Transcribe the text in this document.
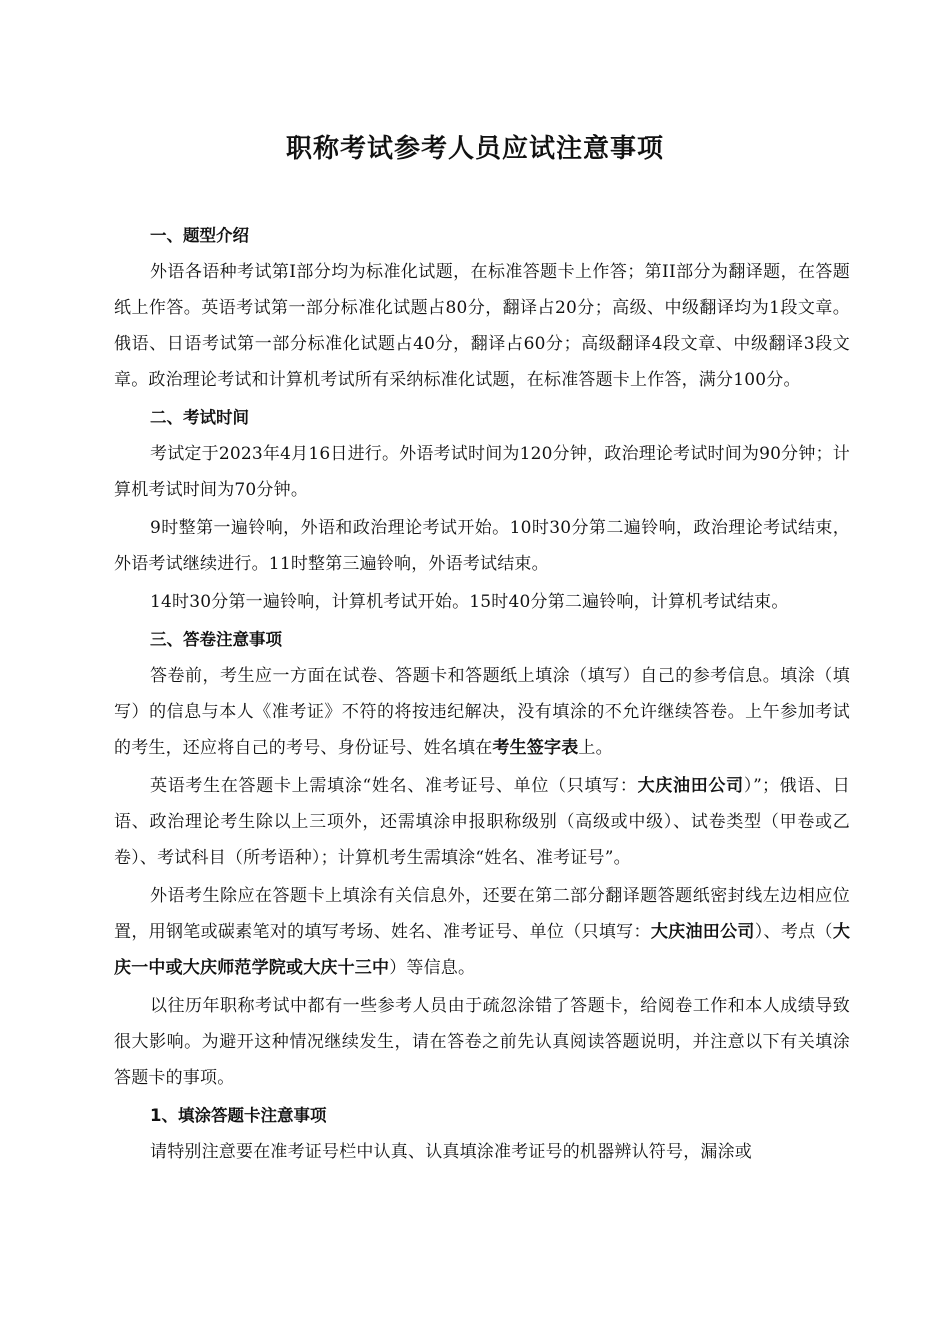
职称考试参考人员应试注意事项

一、题型介绍

外语各语种考试第I部分均为标准化试题，在标准答题卡上作答；第II部分为翻译题，在答题纸上作答。英语考试第一部分标准化试题占80分，翻译占20分；高级、中级翻译均为1段文章。俄语、日语考试第一部分标准化试题占40分，翻译占60分；高级翻译4段文章、中级翻译3段文章。政治理论考试和计算机考试所有采纳标准化试题，在标准答题卡上作答，满分100分。

二、考试时间

考试定于2023年4月16日进行。外语考试时间为120分钟，政治理论考试时间为90分钟；计算机考试时间为70分钟。

9时整第一遍铃响，外语和政治理论考试开始。10时30分第二遍铃响，政治理论考试结束，外语考试继续进行。11时整第三遍铃响，外语考试结束。

14时30分第一遍铃响，计算机考试开始。15时40分第二遍铃响，计算机考试结束。

三、答卷注意事项

答卷前，考生应一方面在试卷、答题卡和答题纸上填涂（填写）自己的参考信息。填涂（填写）的信息与本人《准考证》不符的将按违纪解决，没有填涂的不允许继续答卷。上午参加考试的考生，还应将自己的考号、身份证号、姓名填在考生签字表上。

英语考生在答题卡上需填涂“姓名、准考证号、单位（只填写：大庆油田公司）”；俄语、日语、政治理论考生除以上三项外，还需填涂申报职称级别（高级或中级）、试卷类型（甲卷或乙卷）、考试科目（所考语种）；计算机考生需填涂“姓名、准考证号”。

外语考生除应在答题卡上填涂有关信息外，还要在第二部分翻译题答题纸密封线左边相应位置，用钢笔或碳素笔对的填写考场、姓名、准考证号、单位（只填写：大庆油田公司）、考点（大庆一中或大庆师范学院或大庆十三中）等信息。

以往历年职称考试中都有一些参考人员由于疏忽涂错了答题卡，给阅卷工作和本人成绩导致很大影响。为避开这种情况继续发生，请在答卷之前先认真阅读答题说明，并注意以下有关填涂答题卡的事项。

1、填涂答题卡注意事项

请特别注意要在准考证号栏中认真、认真填涂准考证号的机器辨认符号，漏涂或
